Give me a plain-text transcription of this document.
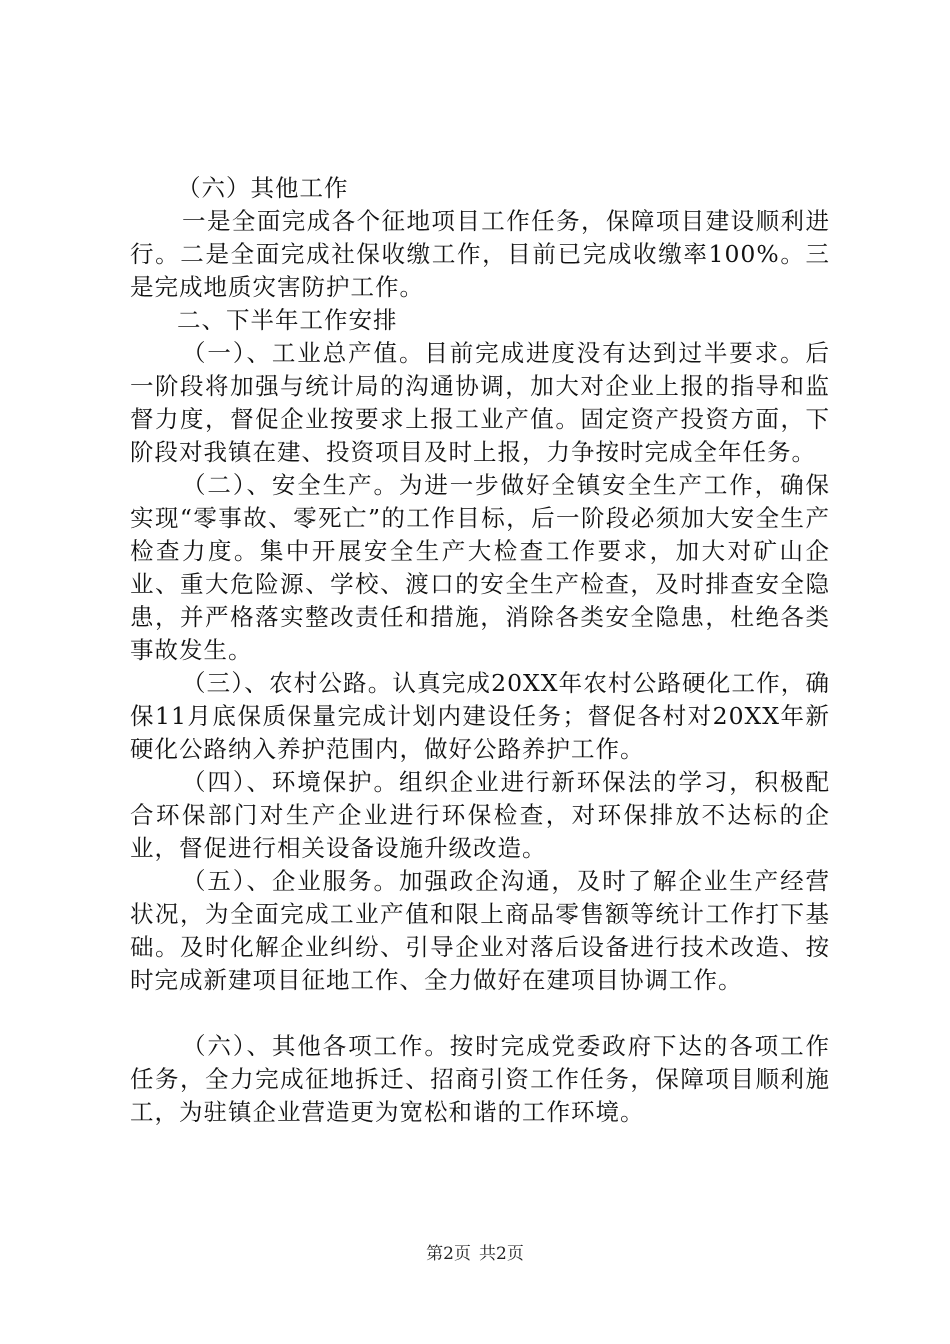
（六）其他工作

一是全面完成各个征地项目工作任务，保障项目建设顺利进行。二是全面完成社保收缴工作，目前已完成收缴率100%。三是完成地质灾害防护工作。

二、下半年工作安排

（一）、工业总产值。目前完成进度没有达到过半要求。后一阶段将加强与统计局的沟通协调，加大对企业上报的指导和监督力度，督促企业按要求上报工业产值。固定资产投资方面，下阶段对我镇在建、投资项目及时上报，力争按时完成全年任务。

（二）、安全生产。为进一步做好全镇安全生产工作，确保实现“零事故、零死亡”的工作目标，后一阶段必须加大安全生产检查力度。集中开展安全生产大检查工作要求，加大对矿山企业、重大危险源、学校、渡口的安全生产检查，及时排查安全隐患，并严格落实整改责任和措施，消除各类安全隐患，杜绝各类事故发生。

（三）、农村公路。认真完成20XX年农村公路硬化工作，确保11月底保质保量完成计划内建设任务；督促各村对20XX年新硬化公路纳入养护范围内，做好公路养护工作。

（四）、环境保护。组织企业进行新环保法的学习，积极配合环保部门对生产企业进行环保检查，对环保排放不达标的企业，督促进行相关设备设施升级改造。

（五）、企业服务。加强政企沟通，及时了解企业生产经营状况，为全面完成工业产值和限上商品零售额等统计工作打下基础。及时化解企业纠纷、引导企业对落后设备进行技术改造、按时完成新建项目征地工作、全力做好在建项目协调工作。

（六）、其他各项工作。按时完成党委政府下达的各项工作任务，全力完成征地拆迁、招商引资工作任务，保障项目顺利施工，为驻镇企业营造更为宽松和谐的工作环境。

第2页 共2页
